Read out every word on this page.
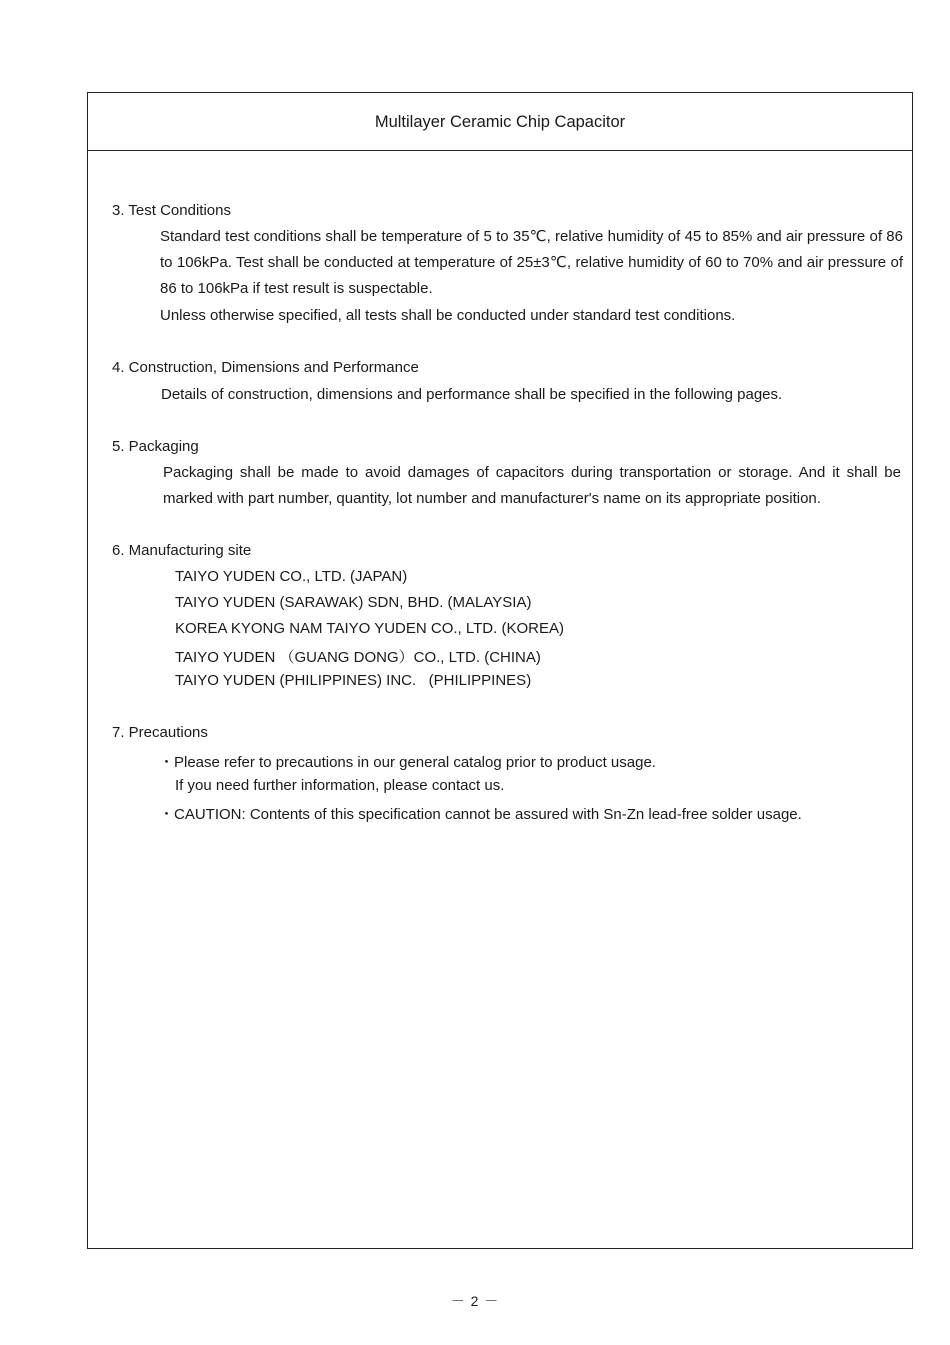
Multilayer Ceramic Chip Capacitor
3. Test Conditions
Standard test conditions shall be temperature of 5 to 35℃, relative humidity of 45 to 85% and air pressure of 86 to 106kPa. Test shall be conducted at temperature of 25±3℃, relative humidity of 60 to 70% and air pressure of 86 to 106kPa if test result is suspectable.
Unless otherwise specified, all tests shall be conducted under standard test conditions.
4. Construction, Dimensions and Performance
Details of construction, dimensions and performance shall be specified in the following pages.
5. Packaging
Packaging shall be made to avoid damages of capacitors during transportation or storage. And it shall be marked with part number, quantity, lot number and manufacturer's name on its appropriate position.
6. Manufacturing site
TAIYO YUDEN CO., LTD. (JAPAN)
TAIYO YUDEN (SARAWAK) SDN, BHD. (MALAYSIA)
KOREA KYONG NAM TAIYO YUDEN CO., LTD. (KOREA)
TAIYO YUDEN （GUANG DONG）CO., LTD. (CHINA)
TAIYO YUDEN (PHILIPPINES) INC.   (PHILIPPINES)
7. Precautions
・Please refer to precautions in our general catalog prior to product usage.
If you need further information, please contact us.
・CAUTION: Contents of this specification cannot be assured with Sn-Zn lead-free solder usage.
－ 2 －
